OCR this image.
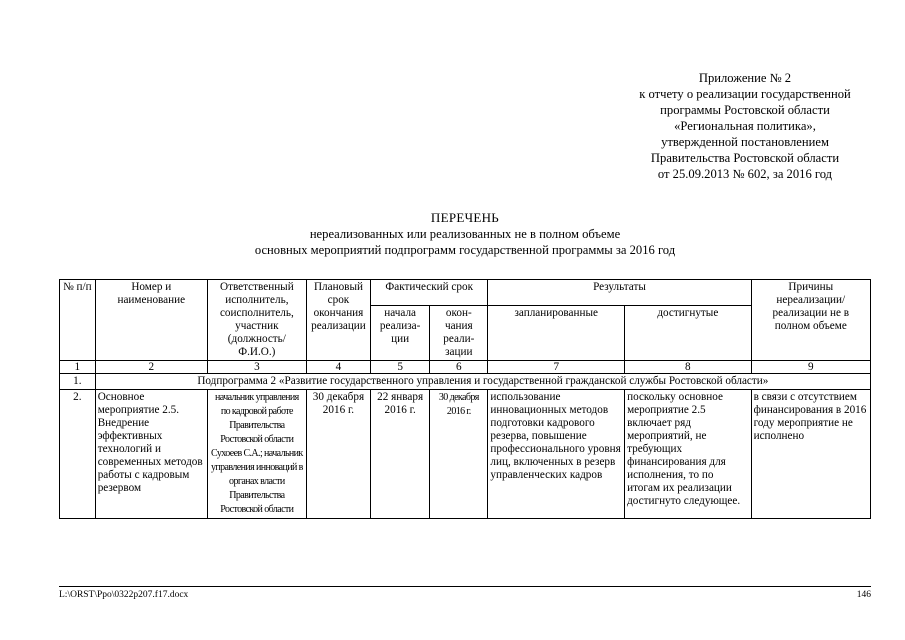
Приложение № 2
к отчету о реализации государственной
программы Ростовской области
«Региональная политика»,
утвержденной постановлением
Правительства Ростовской области
от 25.09.2013 № 602, за 2016 год
ПЕРЕЧЕНЬ
нереализованных или реализованных не в полном объеме
основных мероприятий подпрограмм государственной программы за 2016 год
№ п/п	Номер и наименование	Ответственный исполнитель, соисполнитель, участник (должность/ Ф.И.О.)	Плановый срок окончания реализации	Фактический срок		Результаты		Причины нереализации/ реализации не в полном объеме
				начала реализа-ции	окон-чания реали-зации	запланированные	достигнутые	
1	2	3	4	5	6	7	8	9
1.	Подпрограмма 2 «Развитие государственного управления и государственной гражданской службы Ростовской области»							
2.	Основное мероприятие 2.5. Внедрение эффективных технологий и современных методов работы с кадровым резервом	начальник управления по кадровой работе Правительства Ростовской области Сухоеев С.А.; начальник управления инноваций в органах власти Правительства Ростовской области	30 декабря 2016 г.	22 января 2016 г.	30 декабря 2016 г.	использование инновационных методов подготовки кадрового резерва, повышение профессионального уровня лиц, включенных в резерв управленческих кадров	поскольку основное мероприятие 2.5 включает ряд мероприятий, не требующих финансирования для исполнения, то по итогам их реализации достигнуто следующее.	в связи с отсутствием финансирования в 2016 году мероприятие не исполнено
L:\ORST\Ppo\0322p207.f17.docx	146
